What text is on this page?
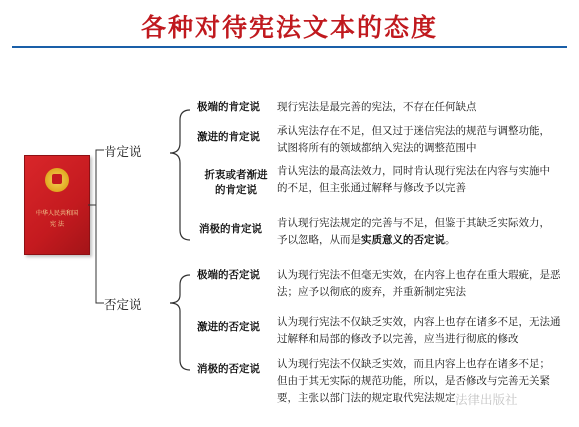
各种对待宪法文本的态度
中华人民共和国
宪 法
肯定说
否定说
极端的肯定说 现行宪法是最完善的宪法，不存在任何缺点
激进的肯定说 承认宪法存在不足，但又过于迷信宪法的规范与调整功能，试图将所有的领域都纳入宪法的调整范围中
折衷或者渐进
的肯定说
肯认宪法的最高法效力，同时肯认现行宪法在内容与实施中的不足，但主张通过解释与修改予以完善
消极的肯定说 肯认现行宪法规定的完善与不足，但鉴于其缺乏实际效力，予以忽略，从而是实质意义的否定说。
极端的否定说 认为现行宪法不但毫无实效，在内容上也存在重大瑕疵，是恶法；应予以彻底的废弃，并重新制定宪法
激进的否定说 认为现行宪法不仅缺乏实效，内容上也存在诸多不足，无法通过解释和局部的修改予以完善，应当进行彻底的修改
消极的否定说 认为现行宪法不仅缺乏实效，而且内容上也存在诸多不足；但由于其无实际的规范功能，所以，是否修改与完善无关紧要，主张以部门法的规定取代宪法规定 法律出版社
